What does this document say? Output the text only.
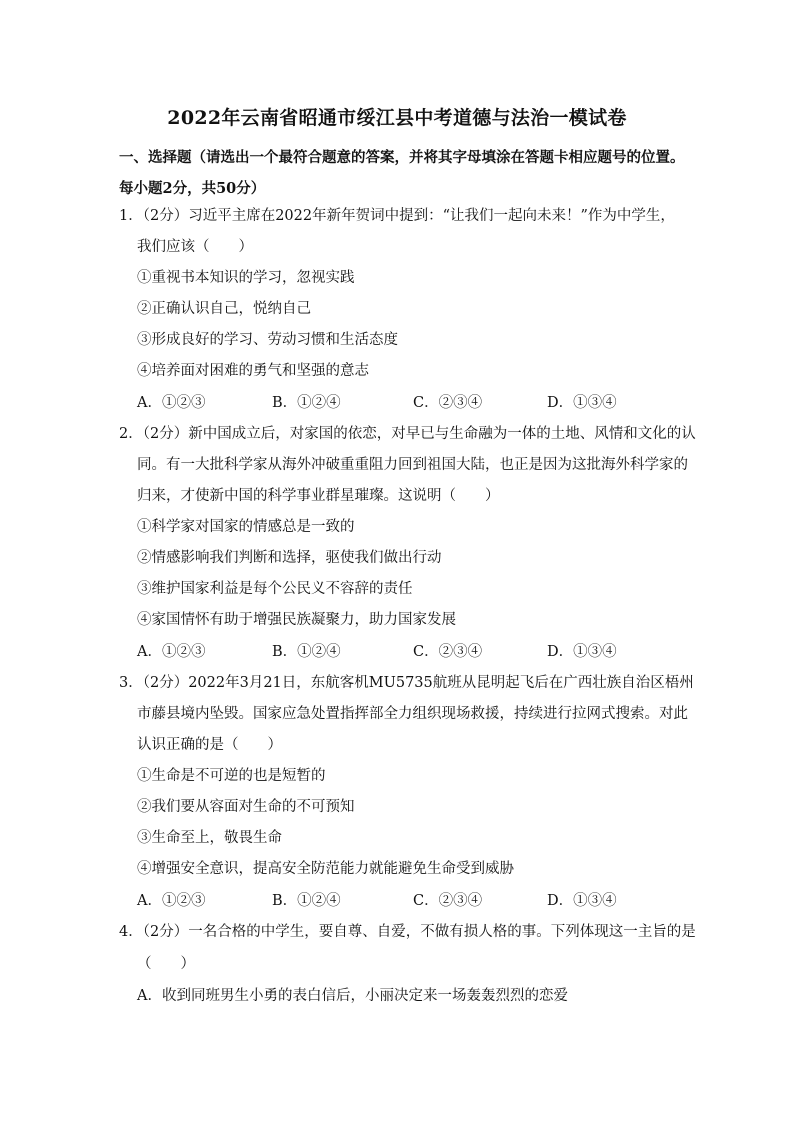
2022年云南省昭通市绥江县中考道德与法治一模试卷
一、选择题（请选出一个最符合题意的答案，并将其字母填涂在答题卡相应题号的位置。
每小题2分，共50分）
1．（2分）习近平主席在2022年新年贺词中提到：“让我们一起向未来！”作为中学生，
我们应该（　　）
①重视书本知识的学习，忽视实践
②正确认识自己，悦纳自己
③形成良好的学习、劳动习惯和生活态度
④培养面对困难的勇气和坚强的意志
A．①②③	B．①②④	C．②③④	D．①③④
2．（2分）新中国成立后，对家国的依恋，对早已与生命融为一体的土地、风情和文化的认
同。有一大批科学家从海外冲破重重阻力回到祖国大陆，也正是因为这批海外科学家的
归来，才使新中国的科学事业群星璀璨。这说明（　　）
①科学家对国家的情感总是一致的
②情感影响我们判断和选择，驱使我们做出行动
③维护国家利益是每个公民义不容辞的责任
④家国情怀有助于增强民族凝聚力，助力国家发展
A．①②③	B．①②④	C．②③④	D．①③④
3．（2分）2022年3月21日，东航客机MU5735航班从昆明起飞后在广西壮族自治区梧州
市藤县境内坠毁。国家应急处置指挥部全力组织现场救援，持续进行拉网式搜索。对此
认识正确的是（　　）
①生命是不可逆的也是短暂的
②我们要从容面对生命的不可预知
③生命至上，敬畏生命
④增强安全意识，提高安全防范能力就能避免生命受到威胁
A．①②③	B．①②④	C．②③④	D．①③④
4．（2分）一名合格的中学生，要自尊、自爱，不做有损人格的事。下列体现这一主旨的是
（　　）
A．收到同班男生小勇的表白信后，小丽决定来一场轰轰烈烈的恋爱
